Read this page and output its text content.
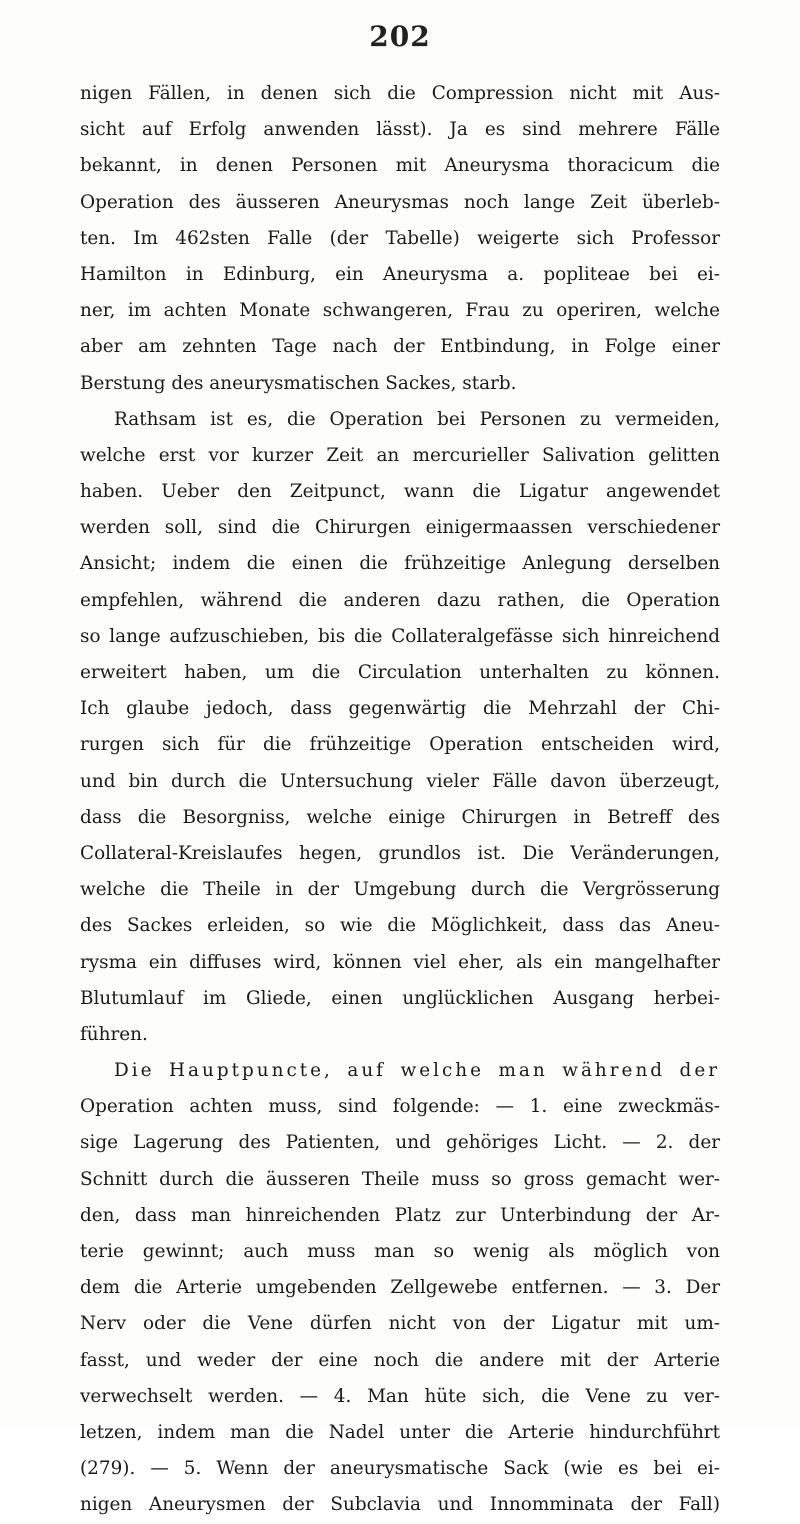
202
nigen Fällen, in denen sich die Compression nicht mit Aus-
sicht auf Erfolg anwenden lässt). Ja es sind mehrere Fälle
bekannt, in denen Personen mit Aneurysma thoracicum die
Operation des äusseren Aneurysmas noch lange Zeit überleb-
ten. Im 462sten Falle (der Tabelle) weigerte sich Professor
Hamilton in Edinburg, ein Aneurysma a. popliteae bei ei-
ner, im achten Monate schwangeren, Frau zu operiren, welche
aber am zehnten Tage nach der Entbindung, in Folge einer
Berstung des aneurysmatischen Sackes, starb.
Rathsam ist es, die Operation bei Personen zu vermeiden,
welche erst vor kurzer Zeit an mercurieller Salivation gelitten
haben. Ueber den Zeitpunct, wann die Ligatur angewendet
werden soll, sind die Chirurgen einigermaassen verschiedener
Ansicht; indem die einen die frühzeitige Anlegung derselben
empfehlen, während die anderen dazu rathen, die Operation
so lange aufzuschieben, bis die Collateralgefässe sich hinreichend
erweitert haben, um die Circulation unterhalten zu können.
Ich glaube jedoch, dass gegenwärtig die Mehrzahl der Chi-
rurgen sich für die frühzeitige Operation entscheiden wird,
und bin durch die Untersuchung vieler Fälle davon überzeugt,
dass die Besorgniss, welche einige Chirurgen in Betreff des
Collateral-Kreislaufes hegen, grundlos ist. Die Veränderungen,
welche die Theile in der Umgebung durch die Vergrösserung
des Sackes erleiden, so wie die Möglichkeit, dass das Aneu-
rysma ein diffuses wird, können viel eher, als ein mangelhafter
Blutumlauf im Gliede, einen unglücklichen Ausgang herbei-
führen.
Die Hauptpuncte, auf welche man während der
Operation achten muss, sind folgende: — 1. eine zweckmäs-
sige Lagerung des Patienten, und gehöriges Licht. — 2. der
Schnitt durch die äusseren Theile muss so gross gemacht wer-
den, dass man hinreichenden Platz zur Unterbindung der Ar-
terie gewinnt; auch muss man so wenig als möglich von
dem die Arterie umgebenden Zellgewebe entfernen. — 3. Der
Nerv oder die Vene dürfen nicht von der Ligatur mit um-
fasst, und weder der eine noch die andere mit der Arterie
verwechselt werden. — 4. Man hüte sich, die Vene zu ver-
letzen, indem man die Nadel unter die Arterie hindurchführt
(279). — 5. Wenn der aneurysmatische Sack (wie es bei ei-
nigen Aneurysmen der Subclavia und Innomminata der Fall)
